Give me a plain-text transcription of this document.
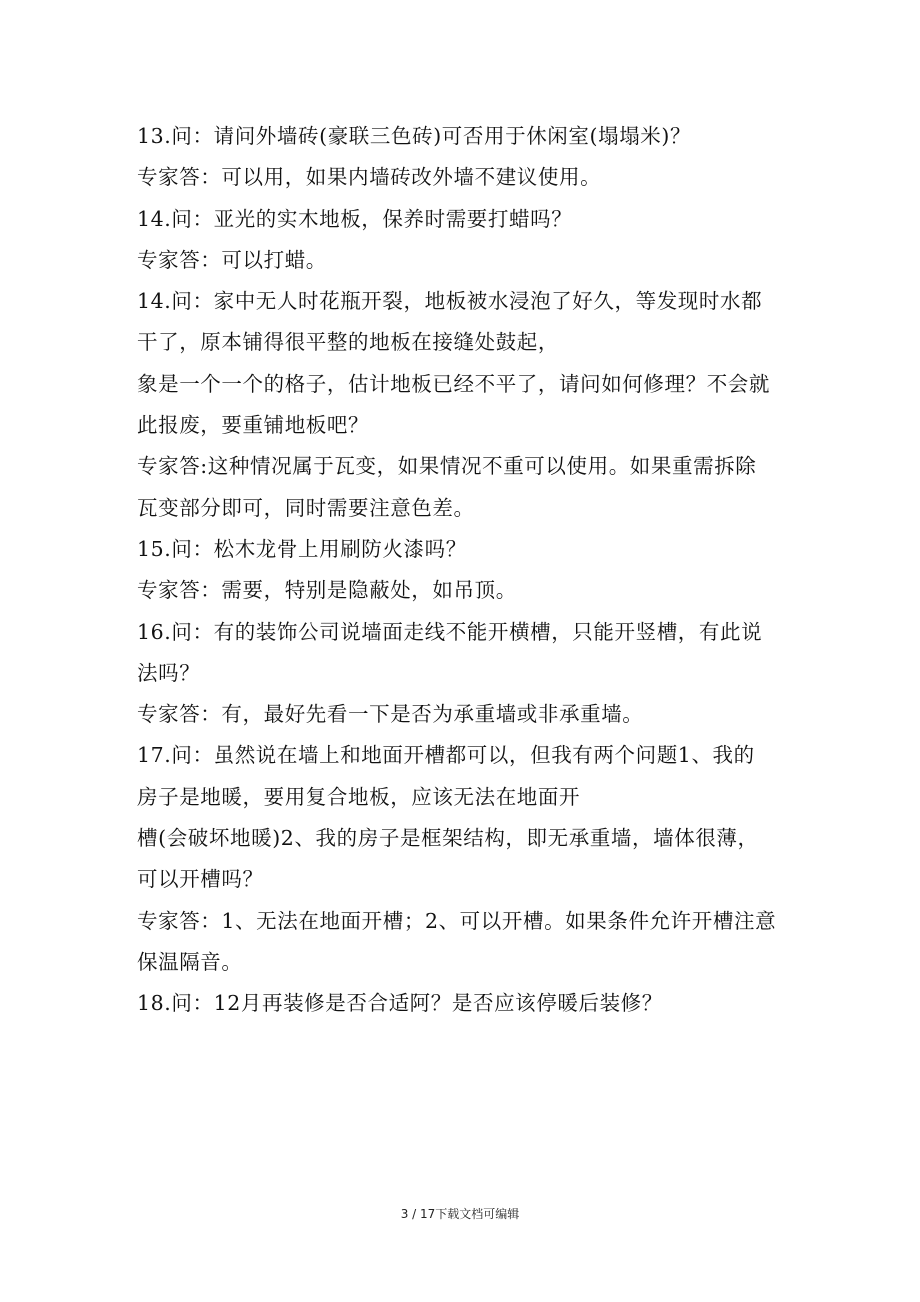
13.问：请问外墙砖(豪联三色砖)可否用于休闲室(塌塌米)？
专家答：可以用，如果内墙砖改外墙不建议使用。
14.问：亚光的实木地板，保养时需要打蜡吗？
专家答：可以打蜡。
14.问：家中无人时花瓶开裂，地板被水浸泡了好久，等发现时水都
干了，原本铺得很平整的地板在接缝处鼓起，
象是一个一个的格子，估计地板已经不平了，请问如何修理？不会就
此报废，要重铺地板吧？
专家答:这种情况属于瓦变，如果情况不重可以使用。如果重需拆除
瓦变部分即可，同时需要注意色差。
15.问：松木龙骨上用刷防火漆吗？
专家答：需要，特别是隐蔽处，如吊顶。
16.问：有的装饰公司说墙面走线不能开横槽，只能开竖槽，有此说
法吗？
专家答：有，最好先看一下是否为承重墙或非承重墙。
17.问：虽然说在墙上和地面开槽都可以，但我有两个问题1、我的
房子是地暖，要用复合地板，应该无法在地面开
槽(会破坏地暖)2、我的房子是框架结构，即无承重墙，墙体很薄，
可以开槽吗？
专家答：1、无法在地面开槽；2、可以开槽。如果条件允许开槽注意
保温隔音。
18.问：12月再装修是否合适阿？是否应该停暖后装修？
3 / 17下载文档可编辑
